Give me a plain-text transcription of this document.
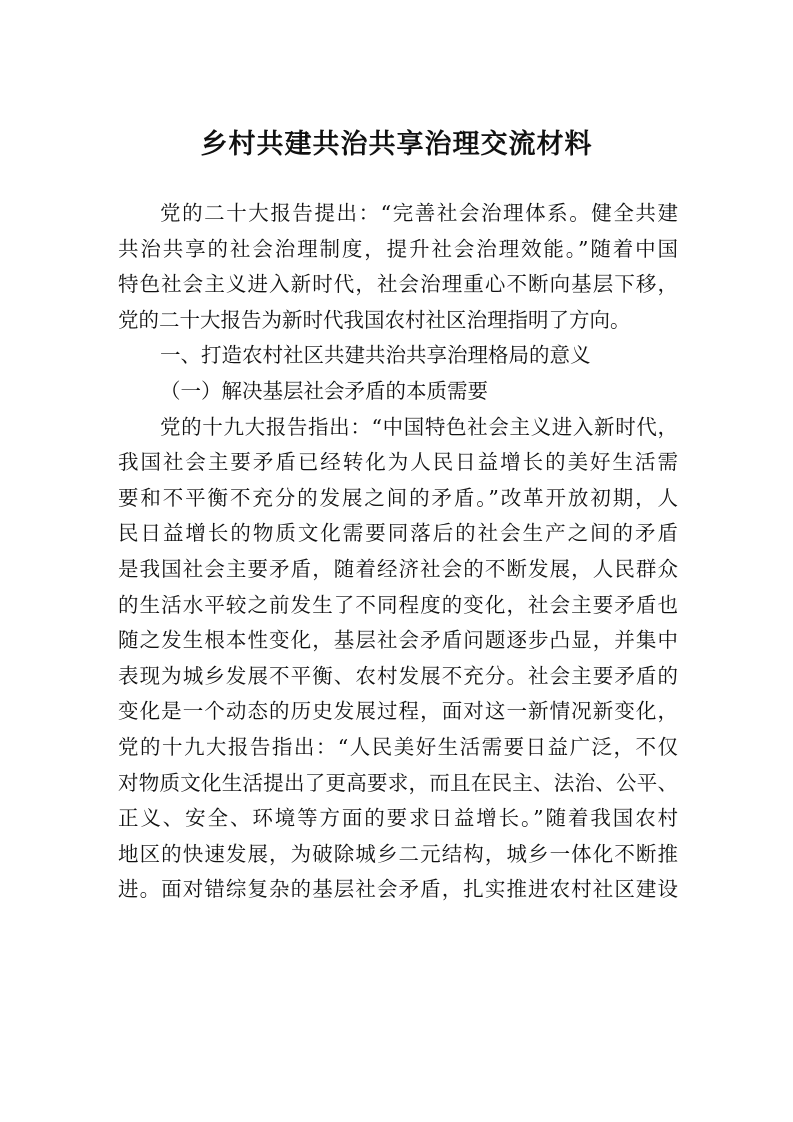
乡村共建共治共享治理交流材料
党的二十大报告提出：“完善社会治理体系。健全共建
共治共享的社会治理制度，提升社会治理效能。”随着中国
特色社会主义进入新时代，社会治理重心不断向基层下移，
党的二十大报告为新时代我国农村社区治理指明了方向。
一、打造农村社区共建共治共享治理格局的意义
（一）解决基层社会矛盾的本质需要
党的十九大报告指出：“中国特色社会主义进入新时代，
我国社会主要矛盾已经转化为人民日益增长的美好生活需
要和不平衡不充分的发展之间的矛盾。”改革开放初期，人
民日益增长的物质文化需要同落后的社会生产之间的矛盾
是我国社会主要矛盾，随着经济社会的不断发展，人民群众
的生活水平较之前发生了不同程度的变化，社会主要矛盾也
随之发生根本性变化，基层社会矛盾问题逐步凸显，并集中
表现为城乡发展不平衡、农村发展不充分。社会主要矛盾的
变化是一个动态的历史发展过程，面对这一新情况新变化，
党的十九大报告指出：“人民美好生活需要日益广泛，不仅
对物质文化生活提出了更高要求，而且在民主、法治、公平、
正义、安全、环境等方面的要求日益增长。”随着我国农村
地区的快速发展，为破除城乡二元结构，城乡一体化不断推
进。面对错综复杂的基层社会矛盾，扎实推进农村社区建设
